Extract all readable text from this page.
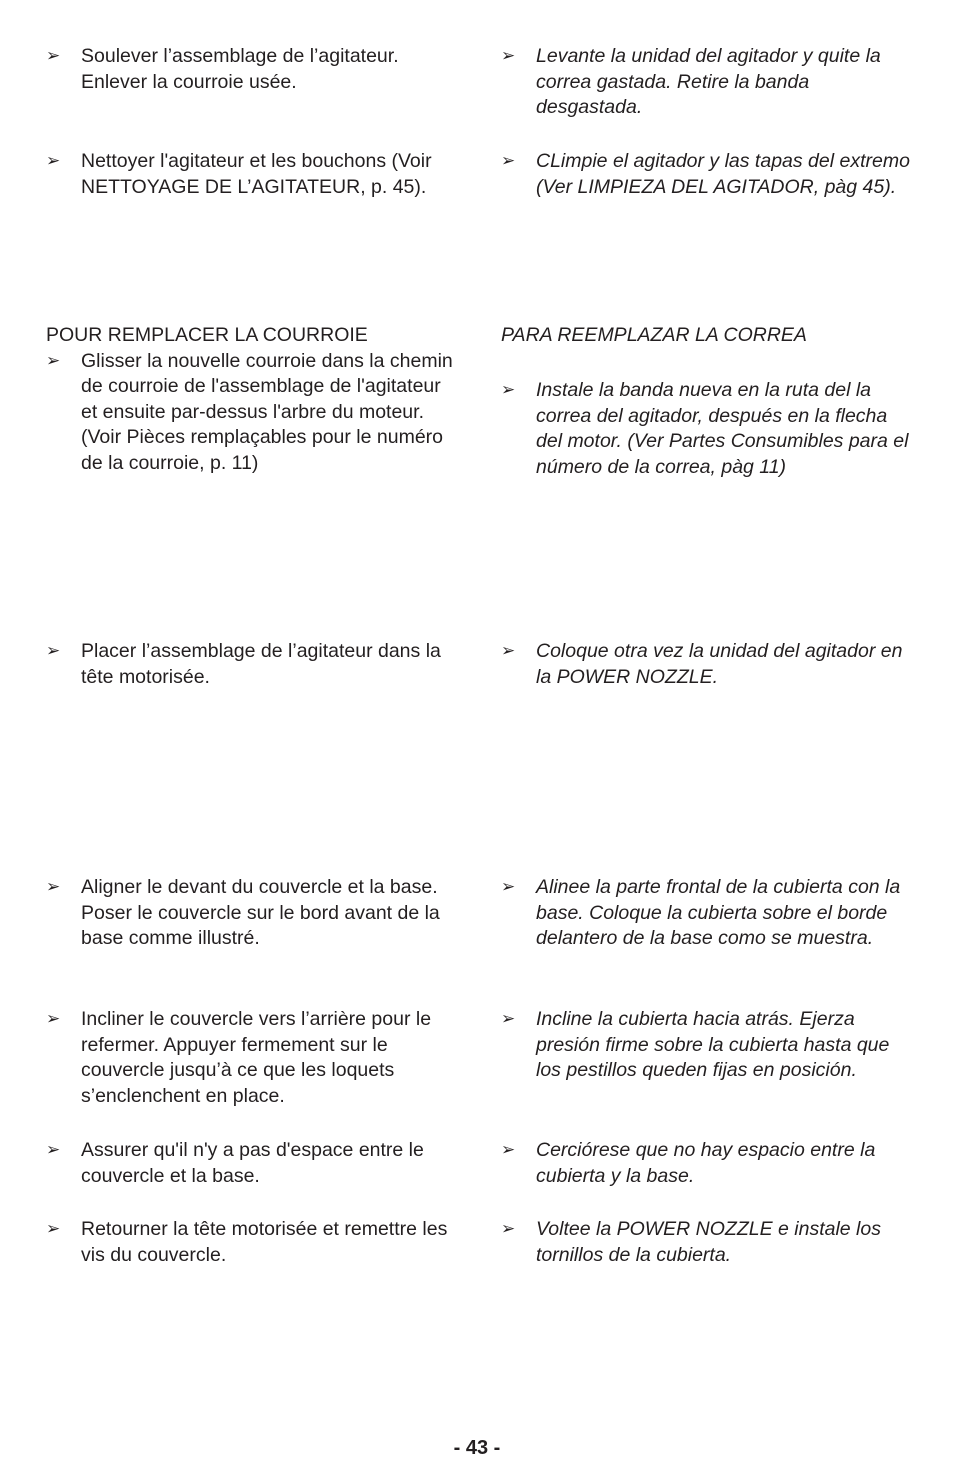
➢ Soulever l’assemblage de l’agitateur. Enlever la courroie usée.
➢ Nettoyer l'agitateur et les bouchons (Voir NETTOYAGE DE L’AGITATEUR, p. 45).
POUR REMPLACER LA COURROIE
➢ Glisser la nouvelle courroie dans la chemin de courroie de l'assemblage de l'agitateur et ensuite par-dessus l'arbre du moteur. (Voir Pièces remplaçables pour le numéro de la courroie, p. 11)
➢ Placer l’assemblage de l’agitateur dans la tête motorisée.
➢ Aligner le devant du couvercle et la base. Poser le couvercle sur le bord avant de la base comme illustré.
➢ Incliner le couvercle vers l’arrière pour le refermer. Appuyer fermement sur le couvercle jusqu’à ce que les loquets s’enclenchent en place.
➢ Assurer qu'il n'y a pas d'espace entre le couvercle et la base.
➢ Retourner la tête motorisée et remettre les vis du couvercle.
➢ Levante la unidad del agitador y quite la correa gastada. Retire la banda desgastada.
➢ CLimpie el agitador y las tapas del extremo (Ver LIMPIEZA DEL AGITADOR, pàg 45).
PARA REEMPLAZAR LA CORREA
➢ Instale la banda nueva en la ruta del la correa del agitador, después en la flecha del motor. (Ver Partes Consumibles para el número de la correa, pàg 11)
➢ Coloque otra vez la unidad del agitador en la POWER NOZZLE.
➢ Alinee la parte frontal de la cubierta con la base. Coloque la cubierta sobre el borde delantero de la base como se muestra.
➢ Incline la cubierta hacia atrás. Ejerza presión firme sobre la cubierta hasta que los pestillos queden fijas en posición.
➢ Cerciórese que no hay espacio entre la cubierta y la base.
➢ Voltee la POWER NOZZLE e instale los tornillos de la cubierta.
- 43 -
